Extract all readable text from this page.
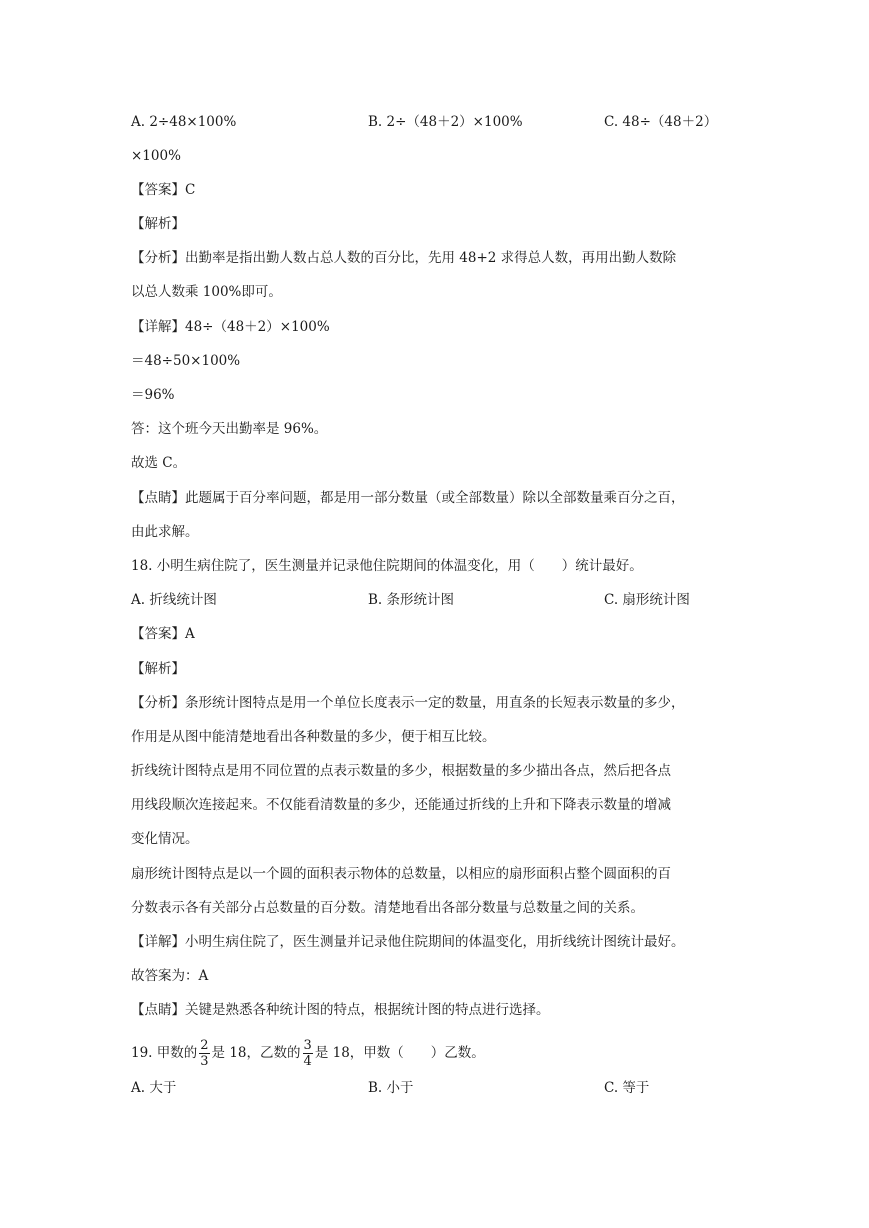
A. 2÷48×100%	B. 2÷（48＋2）×100%	C. 48÷（48＋2）
×100%
【答案】C
【解析】
【分析】出勤率是指出勤人数占总人数的百分比，先用 48+2 求得总人数，再用出勤人数除
以总人数乘 100%即可。
【详解】48÷（48＋2）×100%
＝48÷50×100%
＝96%
答：这个班今天出勤率是 96%。
故选 C。
【点睛】此题属于百分率问题，都是用一部分数量（或全部数量）除以全部数量乘百分之百，
由此求解。
18. 小明生病住院了，医生测量并记录他住院期间的体温变化，用（　　）统计最好。
A. 折线统计图	B. 条形统计图	C. 扇形统计图
【答案】A
【解析】
【分析】条形统计图特点是用一个单位长度表示一定的数量，用直条的长短表示数量的多少，
作用是从图中能清楚地看出各种数量的多少，便于相互比较。
折线统计图特点是用不同位置的点表示数量的多少，根据数量的多少描出各点，然后把各点
用线段顺次连接起来。不仅能看清数量的多少，还能通过折线的上升和下降表示数量的增减
变化情况。
扇形统计图特点是以一个圆的面积表示物体的总数量，以相应的扇形面积占整个圆面积的百
分数表示各有关部分占总数量的百分数。清楚地看出各部分数量与总数量之间的关系。
【详解】小明生病住院了，医生测量并记录他住院期间的体温变化，用折线统计图统计最好。
故答案为：A
【点睛】关键是熟悉各种统计图的特点，根据统计图的特点进行选择。
19. 甲数的 $\frac{2}{3}$ 是 18，乙数的 $\frac{3}{4}$ 是 18，甲数（　　）乙数。
A. 大于	B. 小于	C. 等于
